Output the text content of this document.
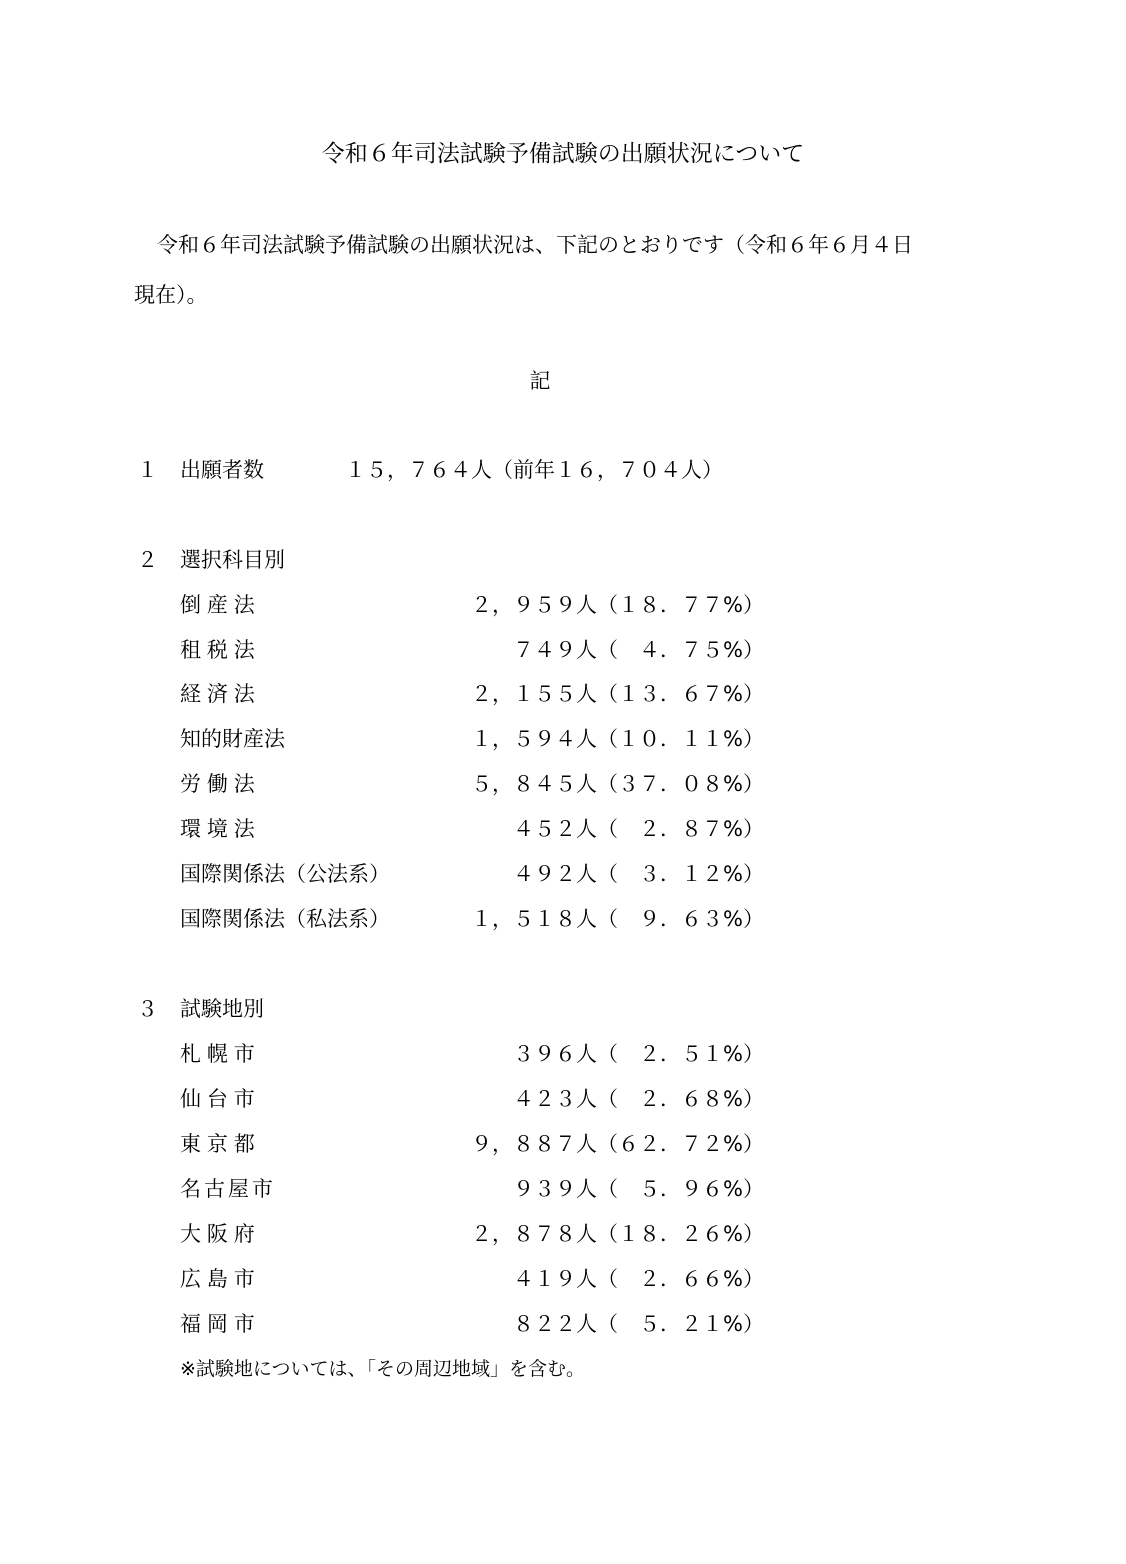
令和６年司法試験予備試験の出願状況について
令和６年司法試験予備試験の出願状況は、下記のとおりです（令和６年６月４日
現在）。
記
１ 出願者数	１５，７６４人（前年１６，７０４人）
２ 選択科目別
倒産法	２，９５９人（１８．７７%）
租税法	７４９人（　４．７５%）
経済法	２，１５５人（１３．６７%）
知的財産法	１，５９４人（１０．１１%）
労働法	５，８４５人（３７．０８%）
環境法	４５２人（　２．８７%）
国際関係法（公法系）	４９２人（　３．１２%）
国際関係法（私法系）	１，５１８人（　９．６３%）
３ 試験地別
札幌市	３９６人（　２．５１%）
仙台市	４２３人（　２．６８%）
東京都	９，８８７人（６２．７２%）
名古屋市	９３９人（　５．９６%）
大阪府	２，８７８人（１８．２６%）
広島市	４１９人（　２．６６%）
福岡市	８２２人（　５．２１%）
※試験地については、「その周辺地域」を含む。
